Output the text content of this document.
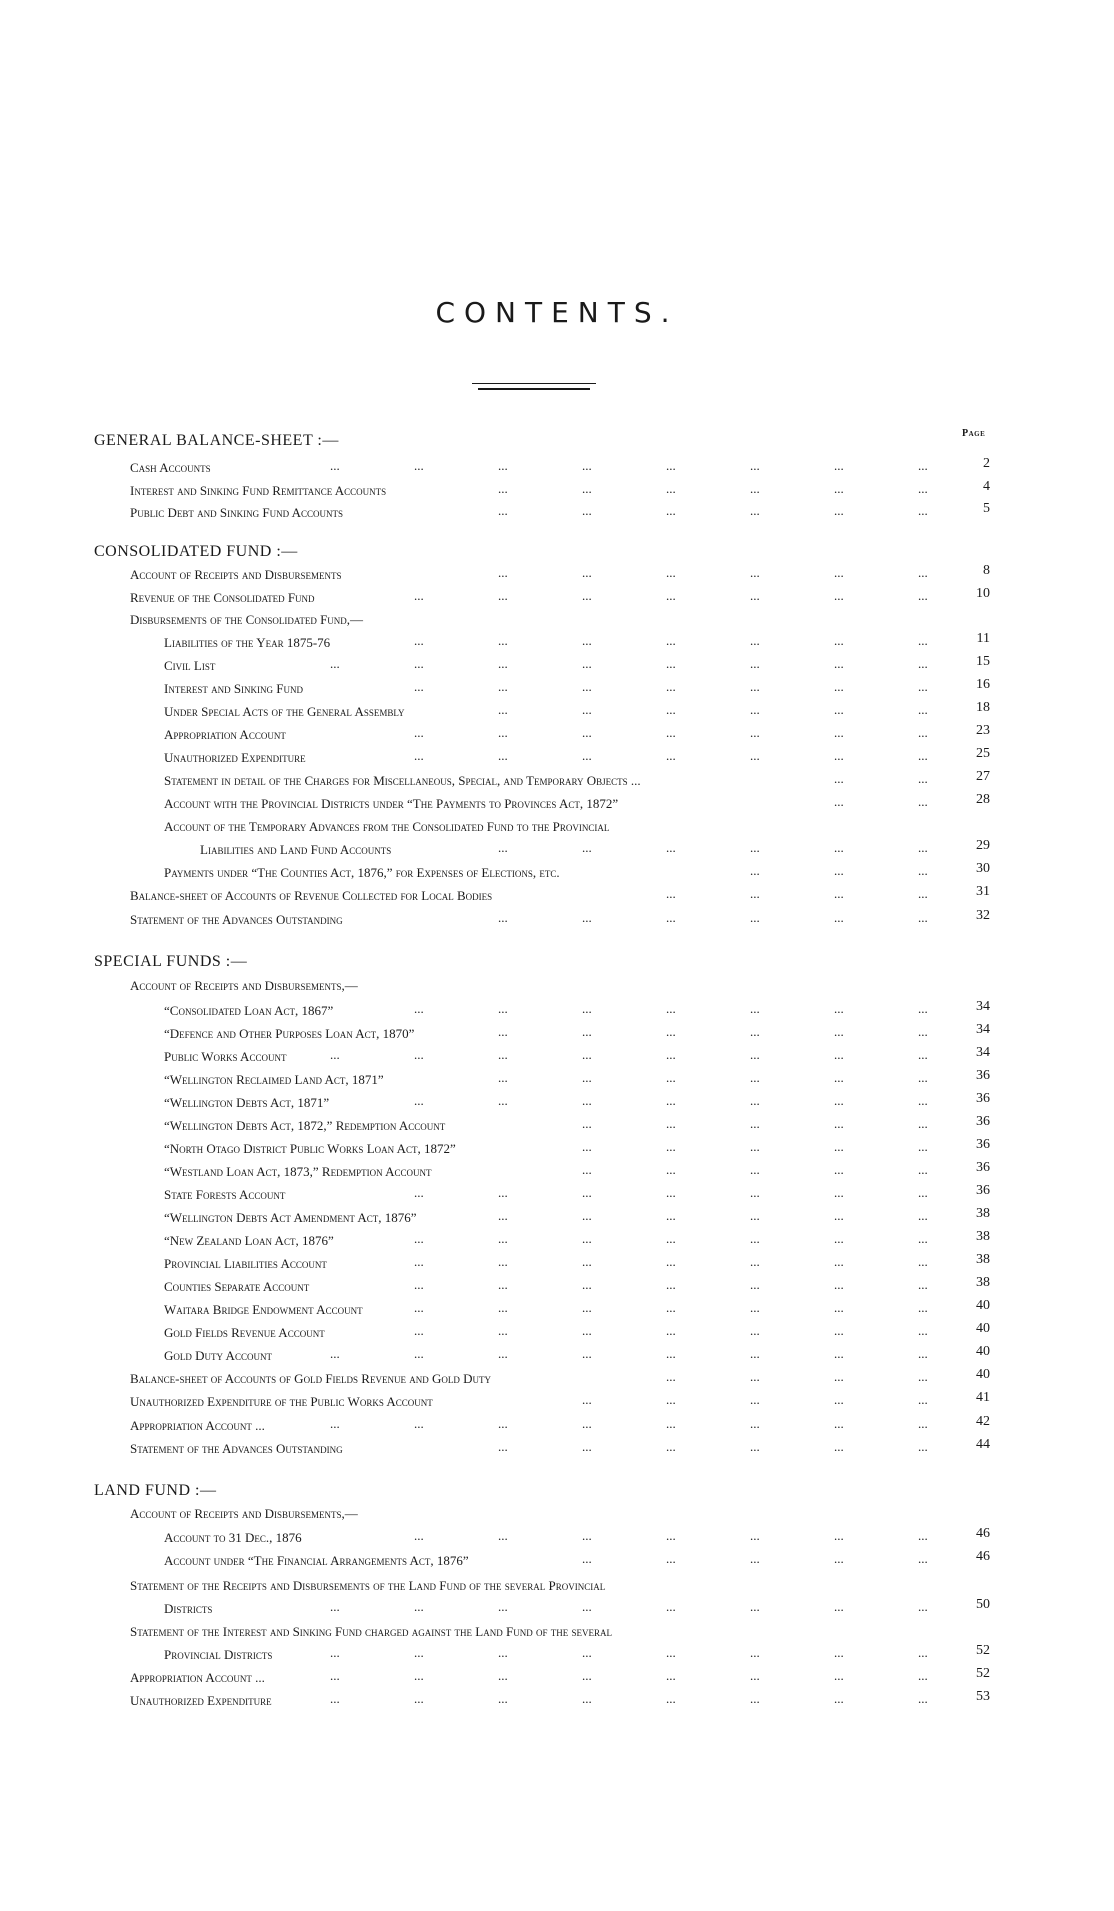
CONTENTS.
Page
GENERAL BALANCE-SHEET :—
Cash Accounts	...	...	...	...	...	...	...	...	2
Interest and Sinking Fund Remittance Accounts	...	...	...	...	...	...	4
Public Debt and Sinking Fund Accounts	...	...	...	...	...	...	5
CONSOLIDATED FUND :—
Account of Receipts and Disbursements	...	...	...	...	...	...	8
Revenue of the Consolidated Fund	...	...	...	...	...	...	...	10
Disbursements of the Consolidated Fund,—
Liabilities of the Year 1875-76	...	...	...	...	...	...	...	11
Civil List	...	...	...	...	...	...	...	...	15
Interest and Sinking Fund	...	...	...	...	...	...	...	16
Under Special Acts of the General Assembly	...	...	...	...	...	...	18
Appropriation Account	...	...	...	...	...	...	...	23
Unauthorized Expenditure	...	...	...	...	...	...	...	25
Statement in detail of the Charges for Miscellaneous, Special, and Temporary Objects ...	...	...	27
Account with the Provincial Districts under “The Payments to Provinces Act, 1872”	...	...	28
Account of the Temporary Advances from the Consolidated Fund to the Provincial
Liabilities and Land Fund Accounts	...	...	...	...	...	...	29
Payments under “The Counties Act, 1876,” for Expenses of Elections, etc.	...	...	...	30
Balance-sheet of Accounts of Revenue Collected for Local Bodies	...	...	...	...	31
Statement of the Advances Outstanding	...	...	...	...	...	...	32
SPECIAL FUNDS :—
Account of Receipts and Disbursements,—
“Consolidated Loan Act, 1867”	...	...	...	...	...	...	...	34
“Defence and Other Purposes Loan Act, 1870”	...	...	...	...	...	...	34
Public Works Account	...	...	...	...	...	...	...	...	34
“Wellington Reclaimed Land Act, 1871”	...	...	...	...	...	...	36
“Wellington Debts Act, 1871”	...	...	...	...	...	...	...	36
“Wellington Debts Act, 1872,” Redemption Account	...	...	...	...	...	36
“North Otago District Public Works Loan Act, 1872”	...	...	...	...	...	36
“Westland Loan Act, 1873,” Redemption Account	...	...	...	...	...	36
State Forests Account	...	...	...	...	...	...	...	36
“Wellington Debts Act Amendment Act, 1876”	...	...	...	...	...	...	38
“New Zealand Loan Act, 1876”	...	...	...	...	...	...	...	38
Provincial Liabilities Account	...	...	...	...	...	...	...	38
Counties Separate Account	...	...	...	...	...	...	...	38
Waitara Bridge Endowment Account	...	...	...	...	...	...	...	40
Gold Fields Revenue Account	...	...	...	...	...	...	...	40
Gold Duty Account	...	...	...	...	...	...	...	...	40
Balance-sheet of Accounts of Gold Fields Revenue and Gold Duty	...	...	...	...	40
Unauthorized Expenditure of the Public Works Account	...	...	...	...	...	41
Appropriation Account ...	...	...	...	...	...	...	...	...	42
Statement of the Advances Outstanding	...	...	...	...	...	...	44
LAND FUND :—
Account of Receipts and Disbursements,—
Account to 31 Dec., 1876	...	...	...	...	...	...	...	46
Account under “The Financial Arrangements Act, 1876”	...	...	...	...	...	46
Statement of the Receipts and Disbursements of the Land Fund of the several Provincial
Districts	...	...	...	...	...	...	...	...	50
Statement of the Interest and Sinking Fund charged against the Land Fund of the several
Provincial Districts	...	...	...	...	...	...	...	...	52
Appropriation Account ...	...	...	...	...	...	...	...	...	52
Unauthorized Expenditure	...	...	...	...	...	...	...	...	53
